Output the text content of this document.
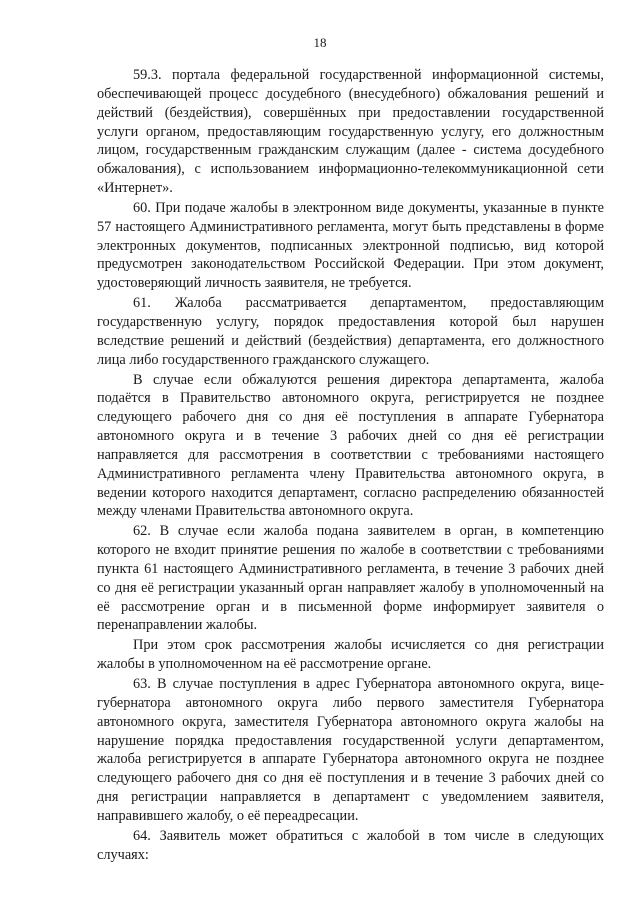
18

59.3. портала федеральной государственной информационной системы, обеспечивающей процесс досудебного (внесудебного) обжалования решений и действий (бездействия), совершённых при предоставлении государственной услуги органом, предоставляющим государственную услугу, его должностным лицом, государственным гражданским служащим (далее - система досудебного обжалования), с использованием информационно-телекоммуникационной сети «Интернет».

60. При подаче жалобы в электронном виде документы, указанные в пункте 57 настоящего Административного регламента, могут быть представлены в форме электронных документов, подписанных электронной подписью, вид которой предусмотрен законодательством Российской Федерации. При этом документ, удостоверяющий личность заявителя, не требуется.

61. Жалоба рассматривается департаментом, предоставляющим государственную услугу, порядок предоставления которой был нарушен вследствие решений и действий (бездействия) департамента, его должностного лица либо государственного гражданского служащего.

В случае если обжалуются решения директора департамента, жалоба подаётся в Правительство автономного округа, регистрируется не позднее следующего рабочего дня со дня её поступления в аппарате Губернатора автономного округа и в течение 3 рабочих дней со дня её регистрации направляется для рассмотрения в соответствии с требованиями настоящего Административного регламента члену Правительства автономного округа, в ведении которого находится департамент, согласно распределению обязанностей между членами Правительства автономного округа.

62. В случае если жалоба подана заявителем в орган, в компетенцию которого не входит принятие решения по жалобе в соответствии с требованиями пункта 61 настоящего Административного регламента, в течение 3 рабочих дней со дня её регистрации указанный орган направляет жалобу в уполномоченный на её рассмотрение орган и в письменной форме информирует заявителя о перенаправлении жалобы.

При этом срок рассмотрения жалобы исчисляется со дня регистрации жалобы в уполномоченном на её рассмотрение органе.

63. В случае поступления в адрес Губернатора автономного округа, вице-губернатора автономного округа либо первого заместителя Губернатора автономного округа, заместителя Губернатора автономного округа жалобы на нарушение порядка предоставления государственной услуги департаментом, жалоба регистрируется в аппарате Губернатора автономного округа не позднее следующего рабочего дня со дня её поступления и в течение 3 рабочих дней со дня регистрации направляется в департамент с уведомлением заявителя, направившего жалобу, о её переадресации.

64. Заявитель может обратиться с жалобой в том числе в следующих случаях:
